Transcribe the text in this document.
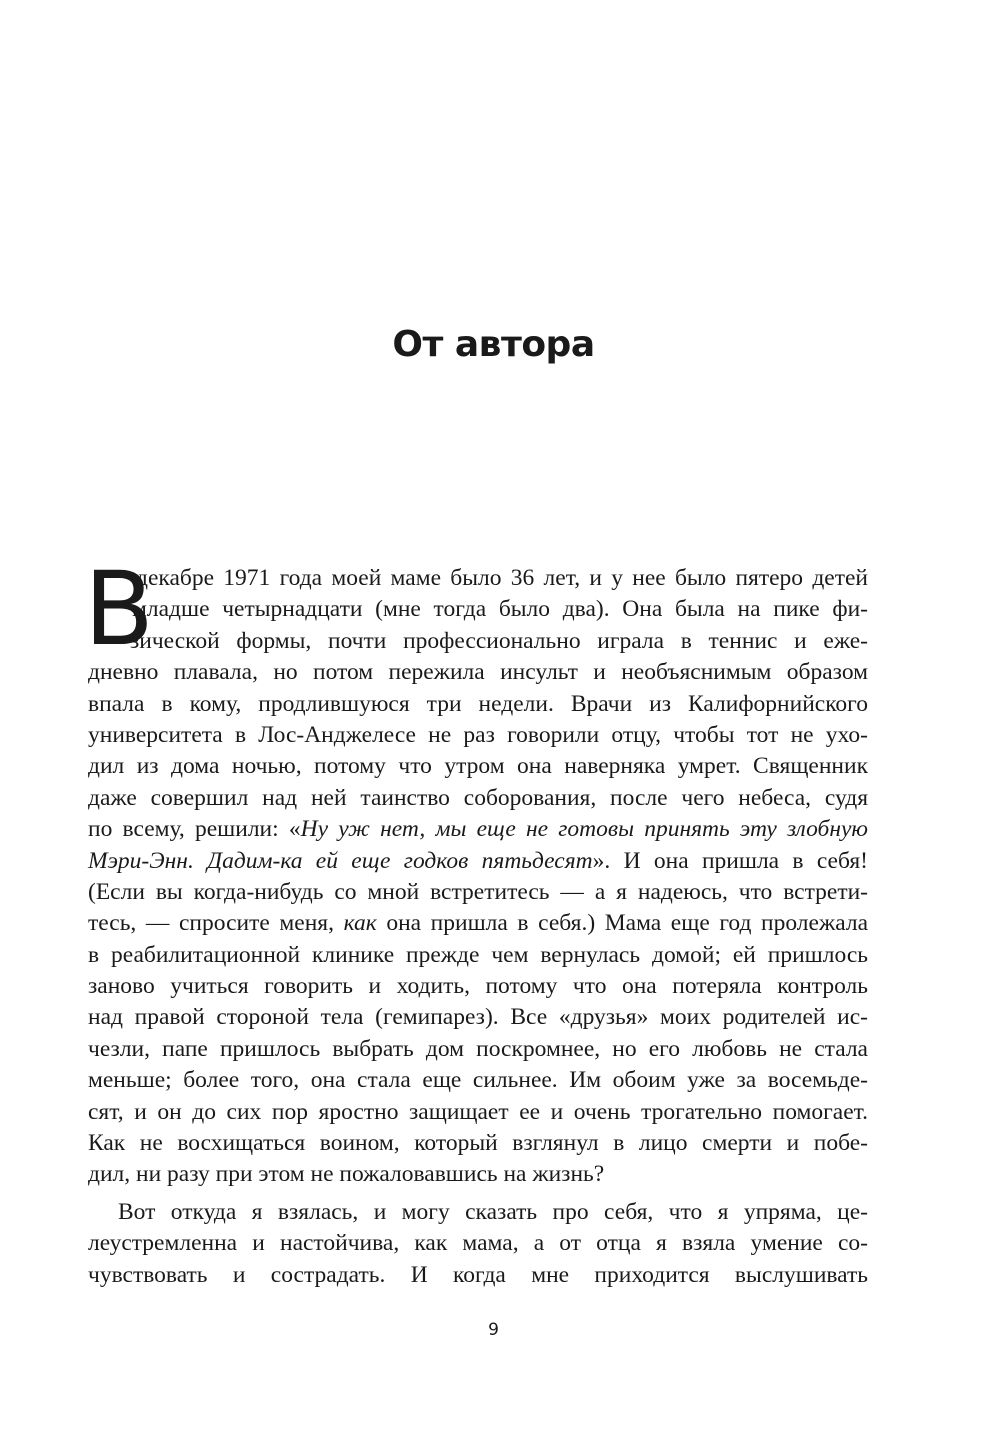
От автора
В
декабре 1971 года моей маме было 36 лет, и у нее было пятеро детей
младше четырнадцати (мне тогда было два). Она была на пике фи-
зической формы, почти профессионально играла в теннис и еже-
дневно плавала, но потом пережила инсульт и необъяснимым образом
впала в кому, продлившуюся три недели. Врачи из Калифорнийского
университета в Лос-Анджелесе не раз говорили отцу, чтобы тот не ухо-
дил из дома ночью, потому что утром она наверняка умрет. Священник
даже совершил над ней таинство соборования, после чего небеса, судя
по всему, решили: «Ну уж нет, мы еще не готовы принять эту злобную
Мэри-Энн. Дадим-ка ей еще годков пятьдесят». И она пришла в себя!
(Если вы когда-нибудь со мной встретитесь — а я надеюсь, что встрети-
тесь, — спросите меня, как она пришла в себя.) Мама еще год пролежала
в реабилитационной клинике прежде чем вернулась домой; ей пришлось
заново учиться говорить и ходить, потому что она потеряла контроль
над правой стороной тела (гемипарез). Все «друзья» моих родителей ис-
чезли, папе пришлось выбрать дом поскромнее, но его любовь не стала
меньше; более того, она стала еще сильнее. Им обоим уже за восемьде-
сят, и он до сих пор яростно защищает ее и очень трогательно помогает.
Как не восхищаться воином, который взглянул в лицо смерти и побе-
дил, ни разу при этом не пожаловавшись на жизнь?
Вот откуда я взялась, и могу сказать про себя, что я упряма, це-
леустремленна и настойчива, как мама, а от отца я взяла умение со-
чувствовать и сострадать. И когда мне приходится выслушивать
9
